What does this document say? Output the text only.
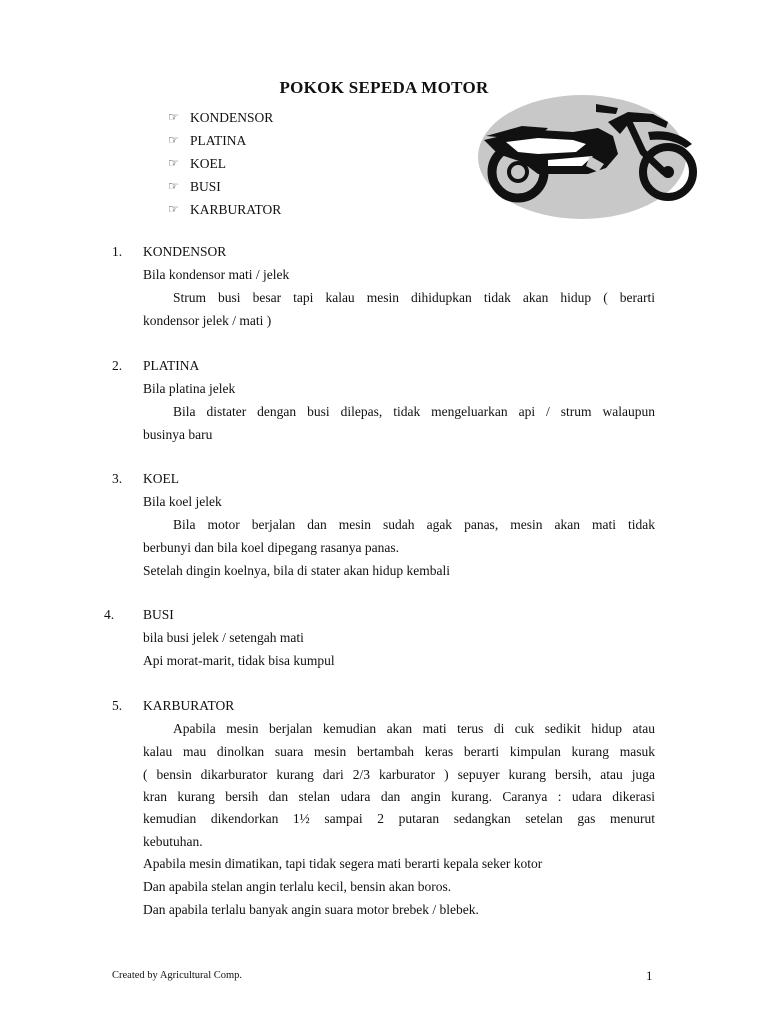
POKOK SEPEDA MOTOR
☞ KONDENSOR
☞ PLATINA
☞ KOEL
☞ BUSI
☞ KARBURATOR
1.	KONDENSOR
Bila kondensor mati / jelek
Strum busi besar tapi kalau mesin dihidupkan tidak akan hidup ( berarti
kondensor jelek / mati )
2.	PLATINA
Bila platina jelek
Bila distater dengan busi dilepas, tidak mengeluarkan api / strum walaupun
businya baru
3.	KOEL
Bila koel jelek
Bila motor berjalan dan mesin sudah agak panas, mesin akan mati tidak
berbunyi dan bila koel dipegang rasanya panas.
Setelah dingin koelnya, bila di stater akan hidup kembali
4.	BUSI
bila busi jelek / setengah mati
Api morat-marit, tidak bisa kumpul
5.	KARBURATOR
Apabila mesin berjalan kemudian akan mati terus di cuk sedikit hidup atau
kalau mau dinolkan suara mesin bertambah keras berarti kimpulan kurang masuk
( bensin dikarburator kurang dari 2/3 karburator ) sepuyer kurang bersih, atau juga
kran kurang bersih dan stelan udara dan angin kurang. Caranya : udara dikerasi
kemudian dikendorkan 1½ sampai 2 putaran sedangkan setelan gas menurut
kebutuhan.
Apabila mesin dimatikan, tapi tidak segera mati berarti kepala seker kotor
Dan apabila stelan angin terlalu kecil, bensin akan boros.
Dan apabila terlalu banyak angin suara motor brebek / blebek.
Created by Agricultural Comp.	1
